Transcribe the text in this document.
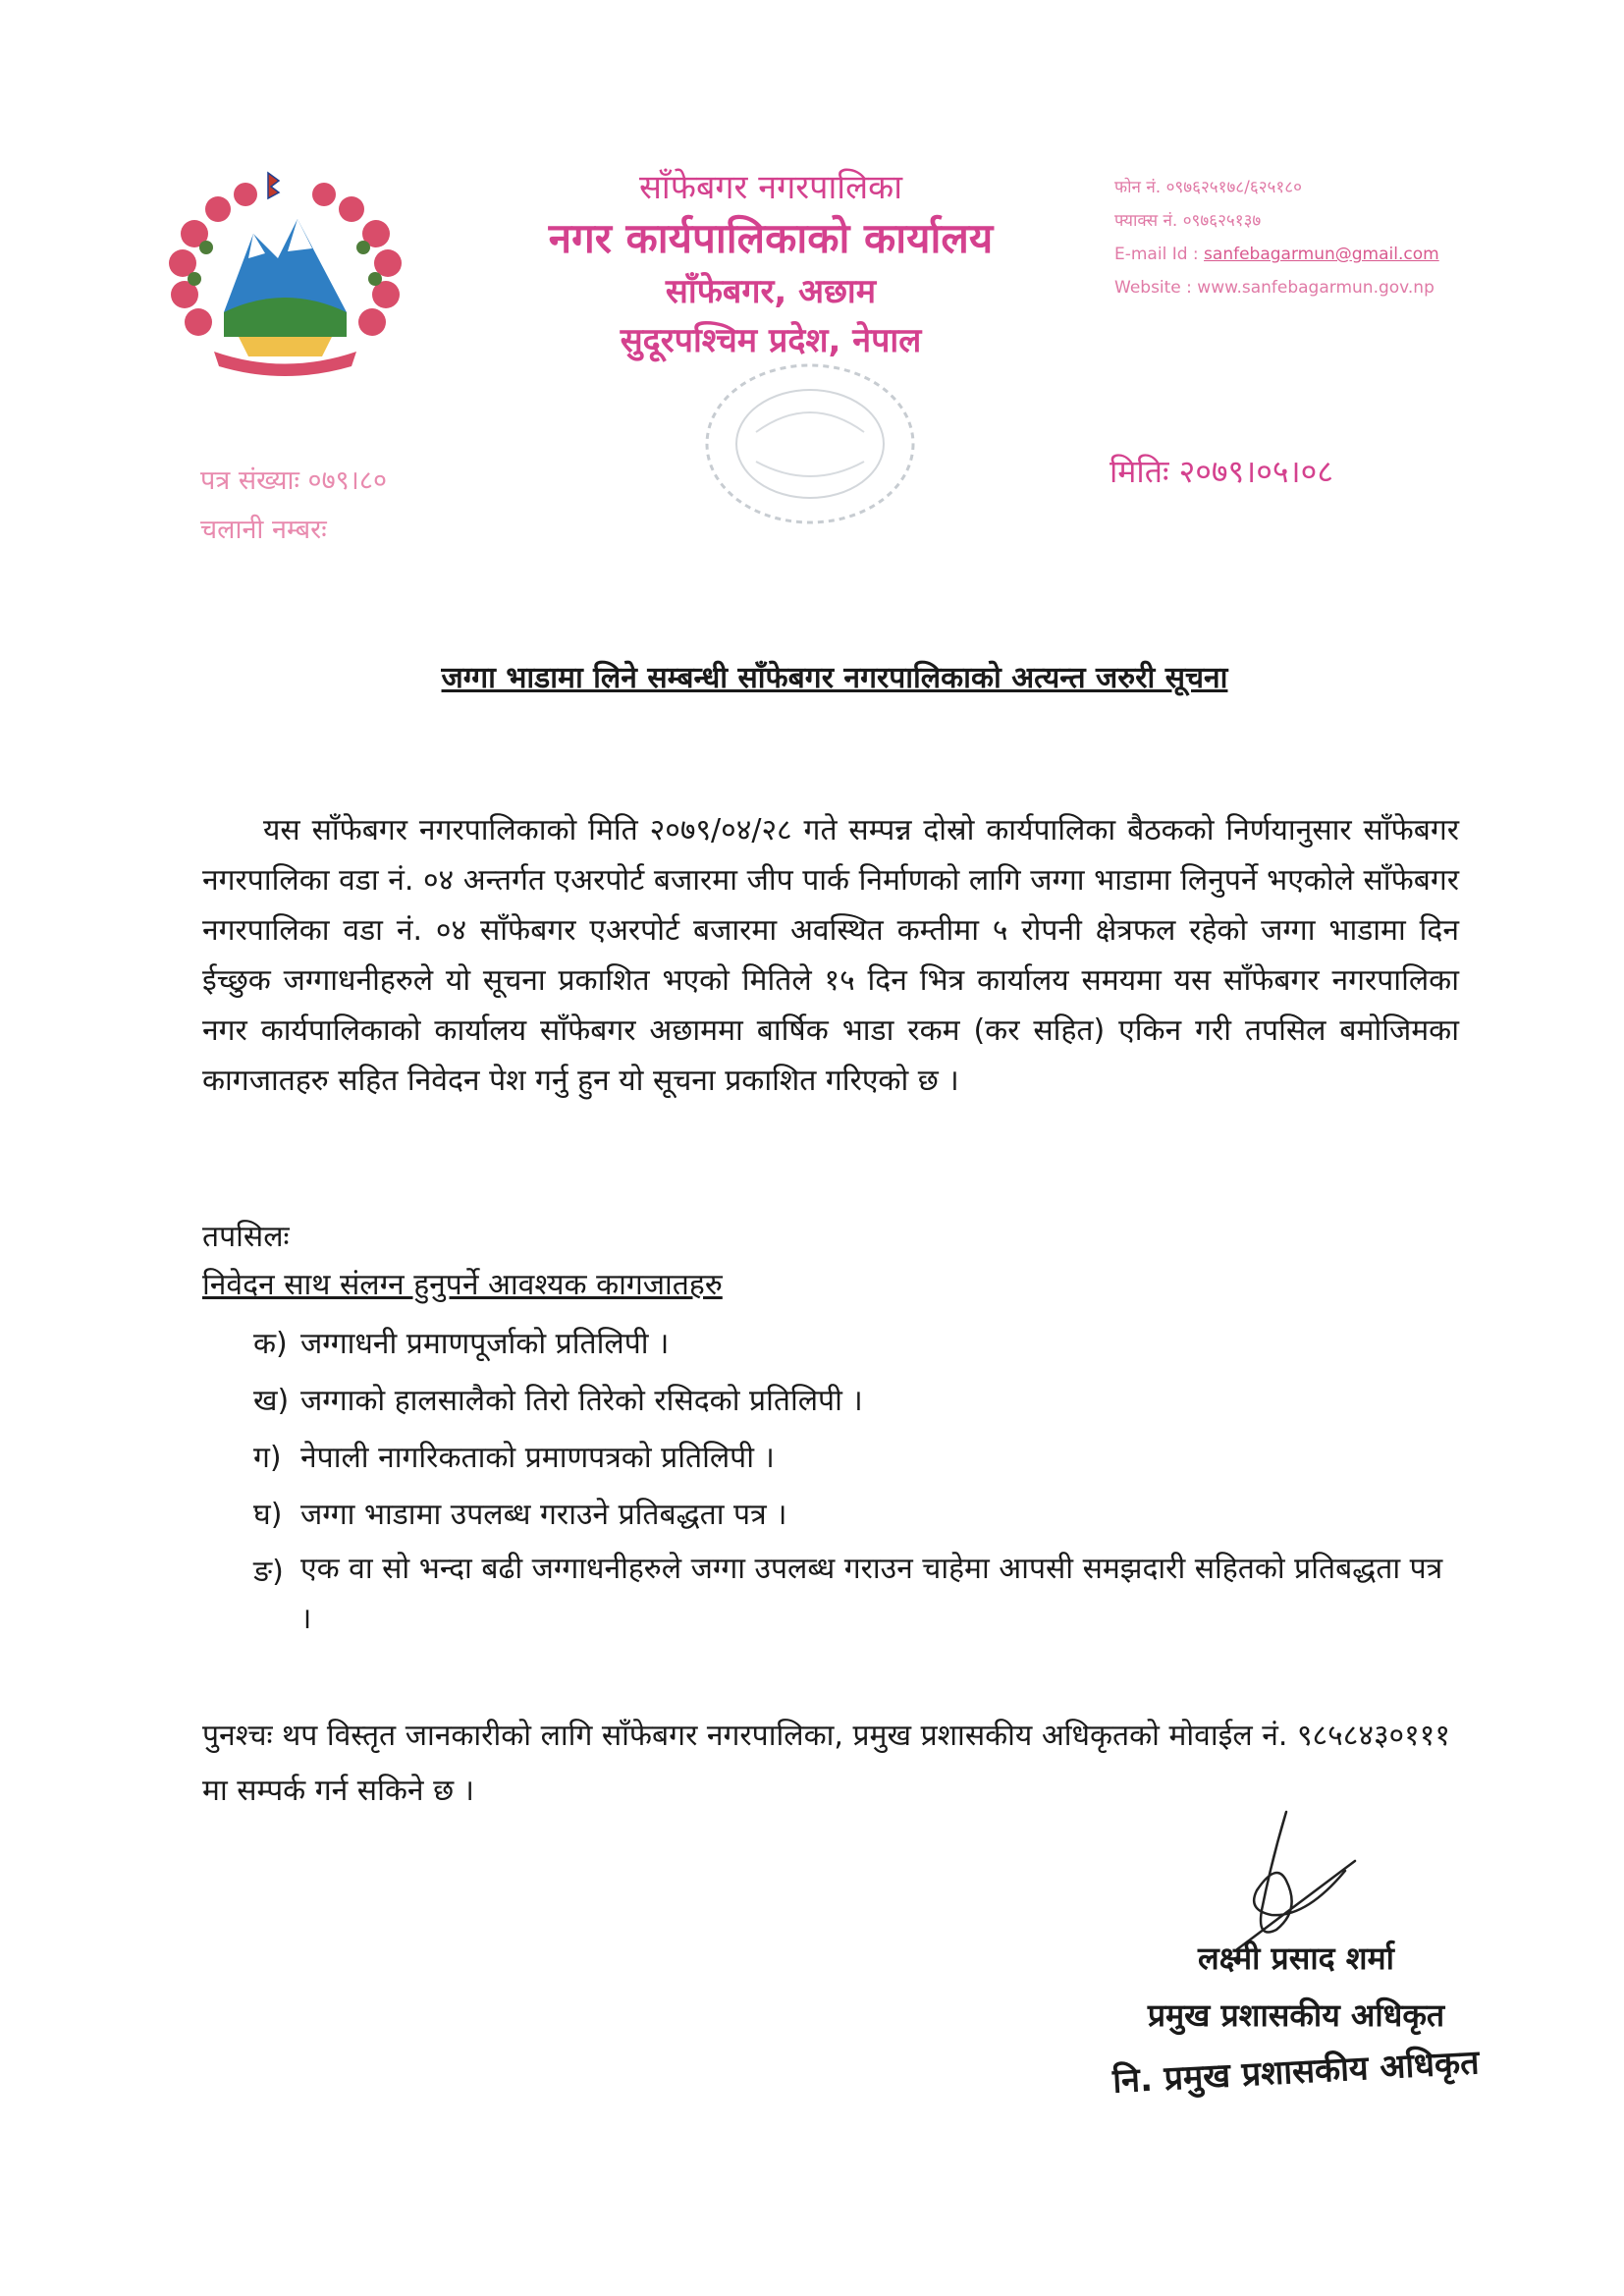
साँफेबगर नगरपालिका
नगर कार्यपालिकाको कार्यालय
साँफेबगर, अछाम
सुदूरपश्चिम प्रदेश, नेपाल
फोन नं. ०९७६२५१७८/६२५१८०
फ्याक्स नं. ०९७६२५१३७
E-mail Id : sanfebagarmun@gmail.com
Website : www.sanfebagarmun.gov.np
पत्र संख्याः ०७९।८०
चलानी नम्बरः
मितिः २०७९।०५।०८
जग्गा भाडामा लिने सम्बन्धी साँफेबगर नगरपालिकाको अत्यन्त जरुरी सूचना
यस साँफेबगर नगरपालिकाको मिति २०७९/०४/२८ गते सम्पन्न दोस्रो कार्यपालिका बैठकको निर्णयानुसार साँफेबगर नगरपालिका वडा नं. ०४ अन्तर्गत एअरपोर्ट बजारमा जीप पार्क निर्माणको लागि जग्गा भाडामा लिनुपर्ने भएकोले साँफेबगर नगरपालिका वडा नं. ०४ साँफेबगर एअरपोर्ट बजारमा अवस्थित कम्तीमा ५ रोपनी क्षेत्रफल रहेको जग्गा भाडामा दिन ईच्छुक जग्गाधनीहरुले यो सूचना प्रकाशित भएको मितिले १५ दिन भित्र कार्यालय समयमा यस साँफेबगर नगरपालिका नगर कार्यपालिकाको कार्यालय साँफेबगर अछाममा बार्षिक भाडा रकम (कर सहित) एकिन गरी तपसिल बमोजिमका कागजातहरु सहित निवेदन पेश गर्नु हुन यो सूचना प्रकाशित गरिएको छ ।
तपसिलः
निवेदन साथ संलग्न हुनुपर्ने आवश्यक कागजातहरु
क) जग्गाधनी प्रमाणपूर्जाको प्रतिलिपी ।
ख) जग्गाको हालसालैको तिरो तिरेको रसिदको प्रतिलिपी ।
ग) नेपाली नागरिकताको प्रमाणपत्रको प्रतिलिपी ।
घ) जग्गा भाडामा उपलब्ध गराउने प्रतिबद्धता पत्र ।
ङ) एक वा सो भन्दा बढी जग्गाधनीहरुले जग्गा उपलब्ध गराउन चाहेमा आपसी समझदारी सहितको प्रतिबद्धता पत्र ।
पुनश्चः थप विस्तृत जानकारीको लागि साँफेबगर नगरपालिका, प्रमुख प्रशासकीय अधिकृतको मोवाईल नं. ९८५८४३०१११ मा सम्पर्क गर्न सकिने छ ।
लक्ष्मी प्रसाद शर्मा
प्रमुख प्रशासकीय अधिकृत
नि. प्रमुख प्रशासकीय अधिकृत
